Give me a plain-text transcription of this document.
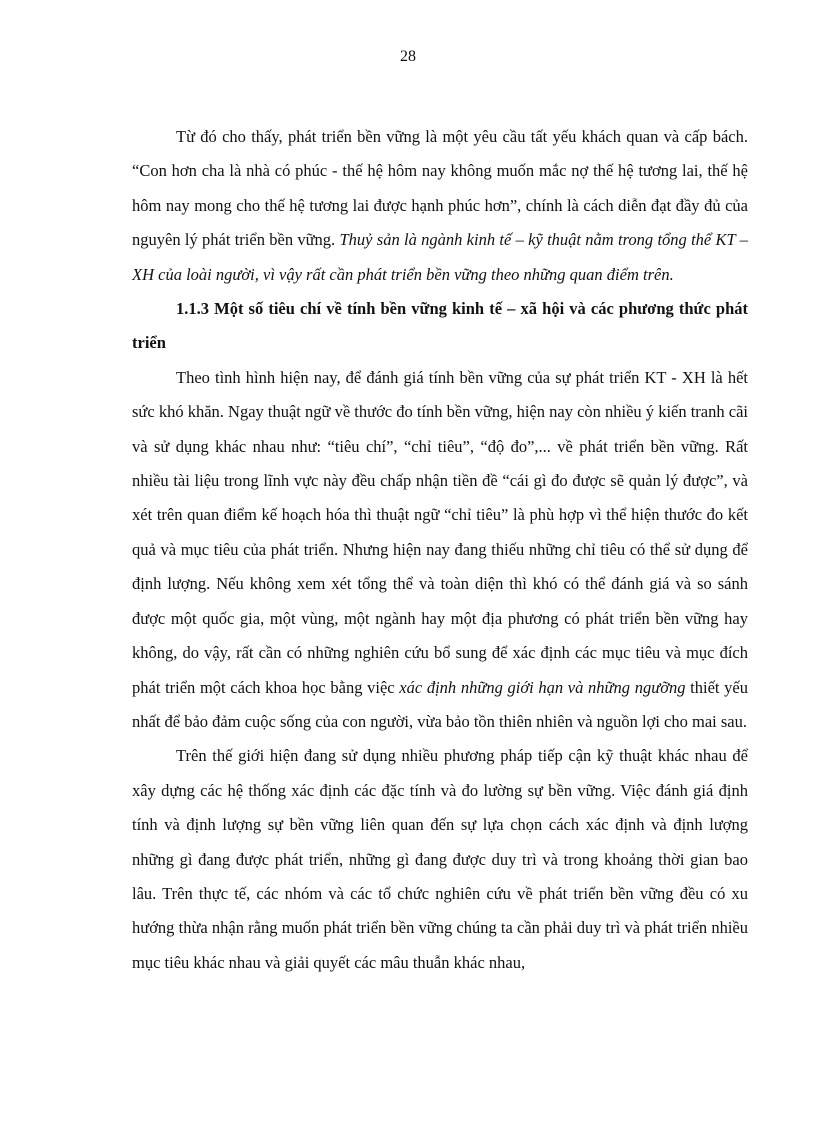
28

Từ đó cho thấy, phát triển bền vững là một yêu cầu tất yếu khách quan và cấp bách. “Con hơn cha là nhà có phúc - thế hệ hôm nay không muốn mắc nợ thế hệ tương lai, thế hệ hôm nay mong cho thế hệ tương lai được hạnh phúc hơn”, chính là cách diễn đạt đầy đủ của nguyên lý phát triển bền vững. Thuỷ sản là ngành kinh tế – kỹ thuật nằm trong tổng thể KT – XH của loài người, vì vậy rất cần phát triển bền vững theo những quan điểm trên.

1.1.3 Một số tiêu chí về tính bền vững kinh tế – xã hội và các phương thức phát triển

Theo tình hình hiện nay, để đánh giá tính bền vững của sự phát triển KT - XH là hết sức khó khăn. Ngay thuật ngữ về thước đo tính bền vững, hiện nay còn nhiều ý kiến tranh cãi và sử dụng khác nhau như: “tiêu chí”, “chỉ tiêu”, “độ đo”,... về phát triển bền vững. Rất nhiều tài liệu trong lĩnh vực này đều chấp nhận tiền đề “cái gì đo được sẽ quản lý được”, và xét trên quan điểm kế hoạch hóa thì thuật ngữ “chỉ tiêu” là phù hợp vì thể hiện thước đo kết quả và mục tiêu của phát triển. Nhưng hiện nay đang thiếu những chỉ tiêu có thể sử dụng để định lượng. Nếu không xem xét tổng thể và toàn diện thì khó có thể đánh giá và so sánh được một quốc gia, một vùng, một ngành hay một địa phương có phát triển bền vững hay không, do vậy, rất cần có những nghiên cứu bổ sung để xác định các mục tiêu và mục đích phát triển một cách khoa học bằng việc xác định những giới hạn và những ngưỡng thiết yếu nhất để bảo đảm cuộc sống của con người, vừa bảo tồn thiên nhiên và nguồn lợi cho mai sau.

Trên thế giới hiện đang sử dụng nhiều phương pháp tiếp cận kỹ thuật khác nhau để xây dựng các hệ thống xác định các đặc tính và đo lường sự bền vững. Việc đánh giá định tính và định lượng sự bền vững liên quan đến sự lựa chọn cách xác định và định lượng những gì đang được phát triển, những gì đang được duy trì và trong khoảng thời gian bao lâu. Trên thực tế, các nhóm và các tổ chức nghiên cứu về phát triển bền vững đều có xu hướng thừa nhận rằng muốn phát triển bền vững chúng ta cần phải duy trì và phát triển nhiều mục tiêu khác nhau và giải quyết các mâu thuẫn khác nhau,
